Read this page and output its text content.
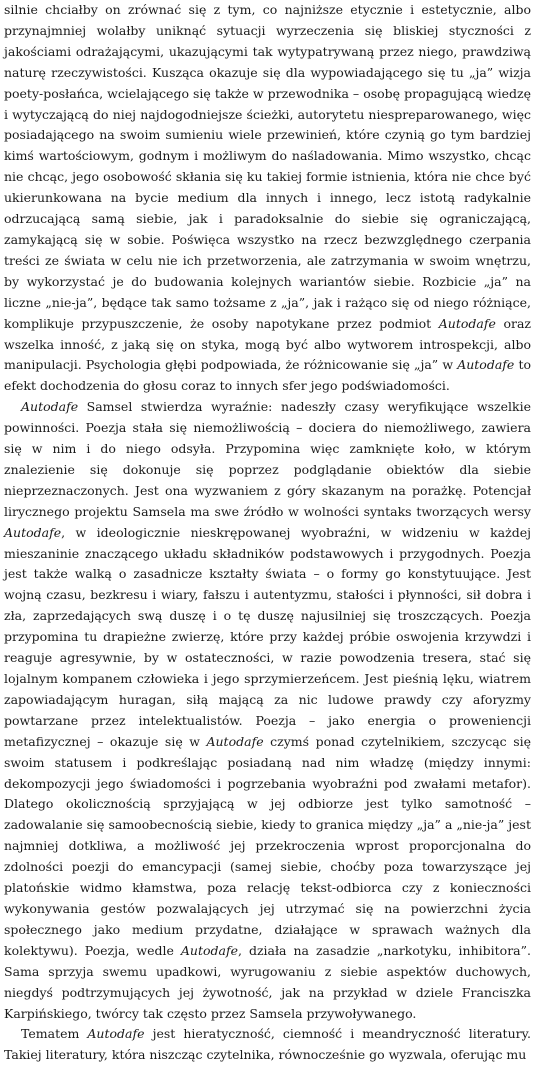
silnie chciałby on zrównać się z tym, co najniższe etycznie i estetycznie, albo przynajmniej wolałby uniknąć sytuacji wyrzeczenia się bliskiej styczności z jakościami odrażającymi, ukazującymi tak wytypatrywaną przez niego, prawdziwą naturę rzeczywistości. Kusząca okazuje się dla wypowiadającego się tu „ja” wizja poety-posłańca, wcielającego się także w przewodnika – osobę propagującą wiedzę i wytyczającą do niej najdogodniejsze ścieżki, autorytetu niespreparowanego, więc posiadającego na swoim sumieniu wiele przewinień, które czynią go tym bardziej kimś wartościowym, godnym i możliwym do naśladowania. Mimo wszystko, chcąc nie chcąc, jego osobowość skłania się ku takiej formie istnienia, która nie chce być ukierunkowana na bycie medium dla innych i innego, lecz istotą radykalnie odrzucającą samą siebie, jak i paradoksalnie do siebie się ograniczającą, zamykającą się w sobie. Poświęca wszystko na rzecz bezwzględnego czerpania treści ze świata w celu nie ich przetworzenia, ale zatrzymania w swoim wnętrzu, by wykorzystać je do budowania kolejnych wariantów siebie. Rozbicie „ja” na liczne „nie-ja”, będące tak samo tożsame z „ja”, jak i rażąco się od niego różniące, komplikuje przypuszczenie, że osoby napotykane przez podmiot Autodafe oraz wszelka inność, z jaką się on styka, mogą być albo wytworem introspekcji, albo manipulacji. Psychologia głębi podpowiada, że różnicowanie się „ja” w Autodafe to efekt dochodzenia do głosu coraz to innych sfer jego podświadomości.

Autodafe Samsel stwierdza wyraźnie: nadeszły czasy weryfikujące wszelkie powinności. Poezja stała się niemożliwością – dociera do niemożliwego, zawiera się w nim i do niego odsyła. Przypomina więc zamknięte koło, w którym znalezienie się dokonuje się poprzez podglądanie obiektów dla siebie nieprzeznaczonych. Jest ona wyzwaniem z góry skazanym na porażkę. Potencjał lirycznego projektu Samsela ma swe źródło w wolności syntaks tworzących wersy Autodafe, w ideologicznie nieskrępowanej wyobraźni, w widzeniu w każdej mieszaninie znaczącego układu składników podstawowych i przygodnych. Poezja jest także walką o zasadnicze kształty świata – o formy go konstytuujące. Jest wojną czasu, bezkresu i wiary, fałszu i autentyzmu, stałości i płynności, sił dobra i zła, zaprzedających swą duszę i o tę duszę najusilniej się troszczących. Poezja przypomina tu drapieżne zwierzę, które przy każdej próbie oswojenia krzywdzi i reaguje agresywnie, by w ostateczności, w razie powodzenia tresera, stać się lojalnym kompanem człowieka i jego sprzymierzeńcem. Jest pieśnią lęku, wiatrem zapowiadającym huragan, siłą mającą za nic ludowe prawdy czy aforyzmy powtarzane przez intelektualistów. Poezja – jako energia o proweniencji metafizycznej – okazuje się w Autodafe czymś ponad czytelnikiem, szczycąc się swoim statusem i podkreślając posiadaną nad nim władzę (między innymi: dekompozycji jego świadomości i pogrzebania wyobraźni pod zwałami metafor). Dlatego okolicznością sprzyjającą w jej odbiorze jest tylko samotność – zadowalanie się samoobecnością siebie, kiedy to granica między „ja” a „nie-ja” jest najmniej dotkliwa, a możliwość jej przekroczenia wprost proporcjonalna do zdolności poezji do emancypacji (samej siebie, choćby poza towarzyszące jej platońskie widmo kłamstwa, poza relację tekst-odbiorca czy z konieczności wykonywania gestów pozwalających jej utrzymać się na powierzchni życia społecznego jako medium przydatne, działające w sprawach ważnych dla kolektywu). Poezja, wedle Autodafe, działa na zasadzie „narkotyku, inhibitora”. Sama sprzyja swemu upadkowi, wyrugowaniu z siebie aspektów duchowych, niegdyś podtrzymujących jej żywotność, jak na przykład w dziele Franciszka Karpińskiego, twórcy tak często przez Samsela przywoływanego.

Tematem Autodafe jest hieratyczność, ciemność i meandryczność literatury. Takiej literatury, która niszcząc czytelnika, równocześnie go wyzwala, oferując mu
